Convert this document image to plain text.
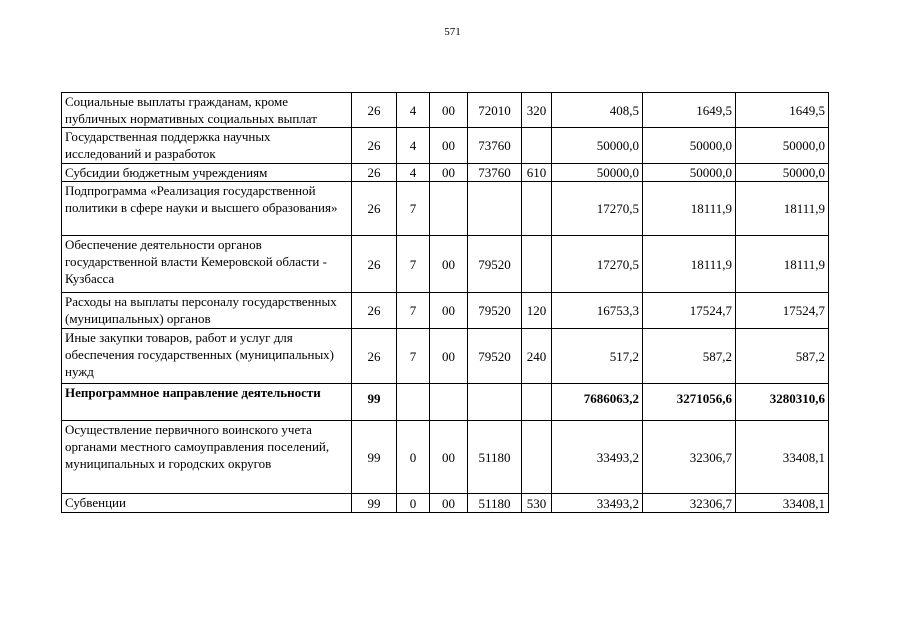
571
Социальные выплаты гражданам, кроме публичных нормативных социальных выплат	26	4	00	72010	320	408,5	1649,5	1649,5
Государственная поддержка научных исследований и разработок	26	4	00	73760		50000,0	50000,0	50000,0
Субсидии бюджетным учреждениям	26	4	00	73760	610	50000,0	50000,0	50000,0
Подпрограмма «Реализация государственной политики в сфере науки и высшего образования»	26	7				17270,5	18111,9	18111,9
Обеспечение деятельности органов государственной власти Кемеровской области - Кузбасса	26	7	00	79520		17270,5	18111,9	18111,9
Расходы на выплаты персоналу государственных (муниципальных) органов	26	7	00	79520	120	16753,3	17524,7	17524,7
Иные закупки товаров, работ и услуг для обеспечения государственных (муниципальных) нужд	26	7	00	79520	240	517,2	587,2	587,2
Непрограммное направление деятельности	99					7686063,2	3271056,6	3280310,6
Осуществление первичного воинского учета органами местного самоуправления поселений, муниципальных и городских округов	99	0	00	51180		33493,2	32306,7	33408,1
Субвенции	99	0	00	51180	530	33493,2	32306,7	33408,1
